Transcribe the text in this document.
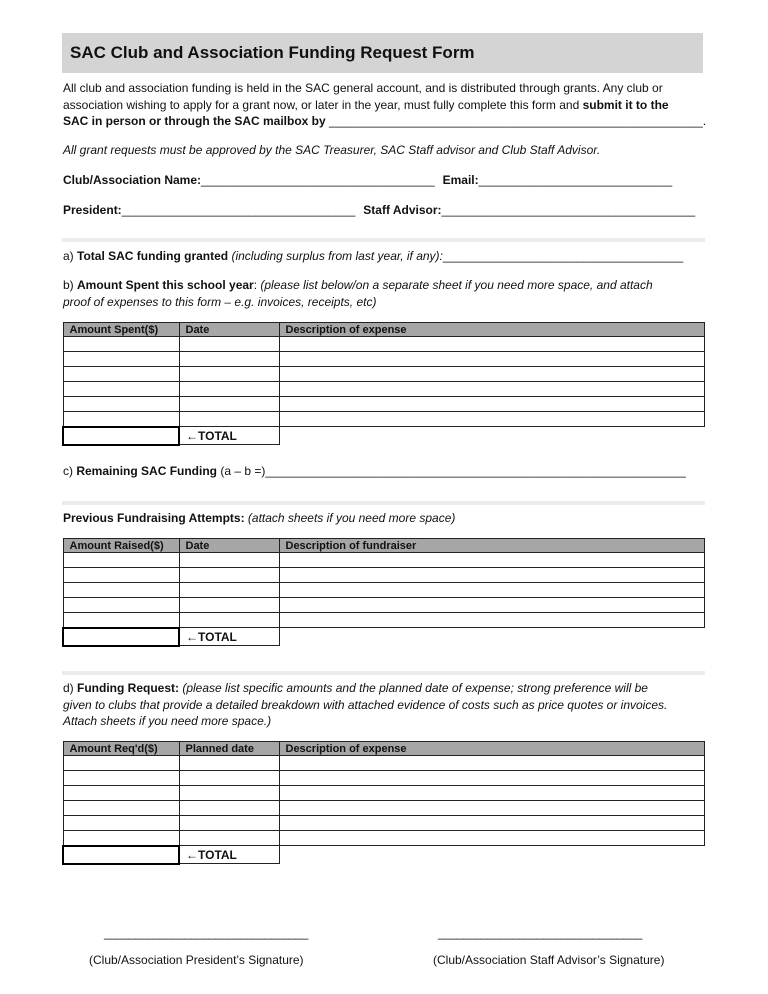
SAC Club and Association Funding Request Form
All club and association funding is held in the SAC general account, and is distributed through grants. Any club or
association wishing to apply for a grant now, or later in the year, must fully complete this form and submit it to the
SAC in person or through the SAC mailbox by ________________________________________________________.
All grant requests must be approved by the SAC Treasurer, SAC Staff advisor and Club Staff Advisor.
Club/Association Name:___________________________________ Email:_____________________________
President:___________________________________ Staff Advisor:______________________________________
a) Total SAC funding granted (including surplus from last year, if any):____________________________________
b) Amount Spent this school year: (please list below/on a separate sheet if you need more space, and attach
proof of expenses to this form – e.g. invoices, receipts, etc)
Amount Spent($)	Date	Description of expense

	←TOTAL	
c) Remaining SAC Funding (a – b =)_______________________________________________________________
Previous Fundraising Attempts: (attach sheets if you need more space)
Amount Raised($)	Date	Description of fundraiser

	←TOTAL	
d) Funding Request: (please list specific amounts and the planned date of expense; strong preference will be
given to clubs that provide a detailed breakdown with attached evidence of costs such as price quotes or invoices.
Attach sheets if you need more space.)
Amount Req'd($)	Planned date	Description of expense

	←TOTAL	
_________________________________	_________________________________
(Club/Association President’s Signature)	(Club/Association Staff Advisor’s Signature)
